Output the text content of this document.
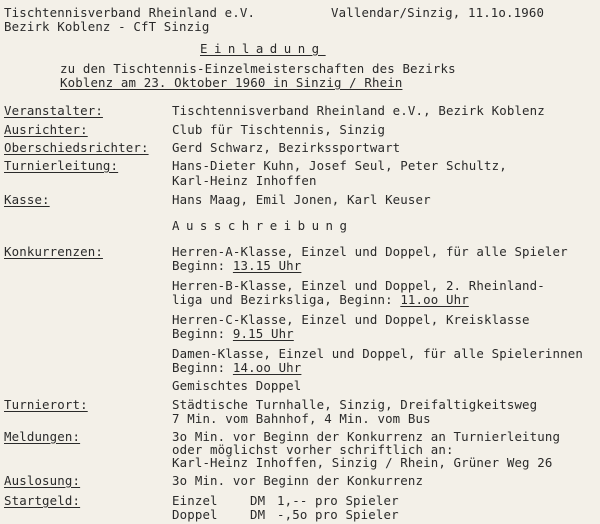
Tischtennisverband Rheinland e.V.
Bezirk Koblenz - CfT Sinzig
Vallendar/Sinzig, 11.1o.1960
Einladung
zu den Tischtennis-Einzelmeisterschaften des Bezirks
Koblenz am 23. Oktober 1960 in Sinzig / Rhein
Veranstalter:	Tischtennisverband Rheinland e.V., Bezirk Koblenz
Ausrichter:	Club für Tischtennis, Sinzig
Oberschiedsrichter: Gerd Schwarz, Bezirkssportwart
Turnierleitung:	Hans-Dieter Kuhn, Josef Seul, Peter Schultz,
Karl-Heinz Inhoffen
Kasse:	Hans Maag, Emil Jonen, Karl Keuser
Ausschreibung
Konkurrenzen:	Herren-A-Klasse, Einzel und Doppel, für alle Spieler
Beginn: 13.15 Uhr
Herren-B-Klasse, Einzel und Doppel, 2. Rheinland-
liga und Bezirksliga, Beginn: 11.oo Uhr
Herren-C-Klasse, Einzel und Doppel, Kreisklasse
Beginn: 9.15 Uhr
Damen-Klasse, Einzel und Doppel, für alle Spielerinnen
Beginn: 14.oo Uhr
Gemischtes Doppel
Turnierort:	Städtische Turnhalle, Sinzig, Dreifaltigkeitsweg
7 Min. vom Bahnhof, 4 Min. vom Bus
Meldungen:	3o Min. vor Beginn der Konkurrenz an Turnierleitung
oder möglichst vorher schriftlich an:
Karl-Heinz Inhoffen, Sinzig / Rhein, Grüner Weg 26
Auslosung:	3o Min. vor Beginn der Konkurrenz
Startgeld:	Einzel	DM 1,-- pro Spieler
Doppel	DM -,5o pro Spieler
